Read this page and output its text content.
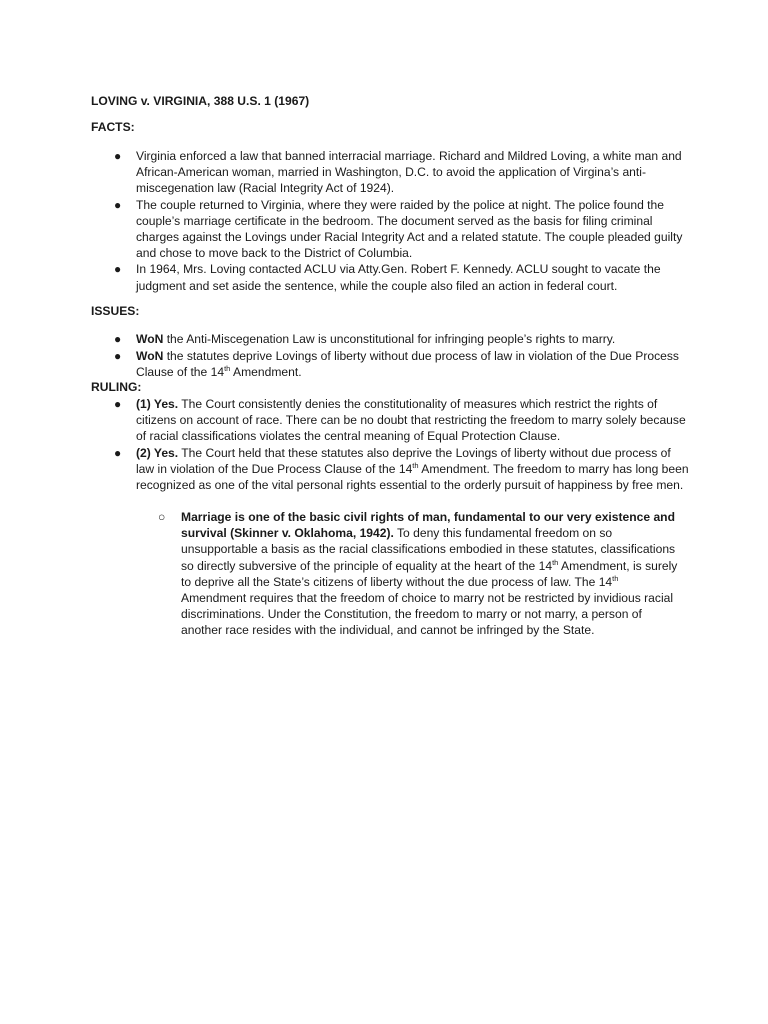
LOVING v. VIRGINIA, 388 U.S. 1 (1967)
FACTS:
● Virginia enforced a law that banned interracial marriage. Richard and Mildred Loving, a white man and African-American woman, married in Washington, D.C. to avoid the application of Virgina’s anti-miscegenation law (Racial Integrity Act of 1924).
● The couple returned to Virginia, where they were raided by the police at night. The police found the couple’s marriage certificate in the bedroom. The document served as the basis for filing criminal charges against the Lovings under Racial Integrity Act and a related statute. The couple pleaded guilty and chose to move back to the District of Columbia.
● In 1964, Mrs. Loving contacted ACLU via Atty.Gen. Robert F. Kennedy. ACLU sought to vacate the judgment and set aside the sentence, while the couple also filed an action in federal court.
ISSUES:
● WoN the Anti-Miscegenation Law is unconstitutional for infringing people’s rights to marry.
● WoN the statutes deprive Lovings of liberty without due process of law in violation of the Due Process Clause of the 14th Amendment.
RULING:
● (1) Yes. The Court consistently denies the constitutionality of measures which restrict the rights of citizens on account of race. There can be no doubt that restricting the freedom to marry solely because of racial classifications violates the central meaning of Equal Protection Clause.
● (2) Yes. The Court held that these statutes also deprive the Lovings of liberty without due process of law in violation of the Due Process Clause of the 14th Amendment. The freedom to marry has long been recognized as one of the vital personal rights essential to the orderly pursuit of happiness by free men.
○ Marriage is one of the basic civil rights of man, fundamental to our very existence and survival (Skinner v. Oklahoma, 1942). To deny this fundamental freedom on so unsupportable a basis as the racial classifications embodied in these statutes, classifications so directly subversive of the principle of equality at the heart of the 14th Amendment, is surely to deprive all the State’s citizens of liberty without the due process of law. The 14th Amendment requires that the freedom of choice to marry not be restricted by invidious racial discriminations. Under the Constitution, the freedom to marry or not marry, a person of another race resides with the individual, and cannot be infringed by the State.
